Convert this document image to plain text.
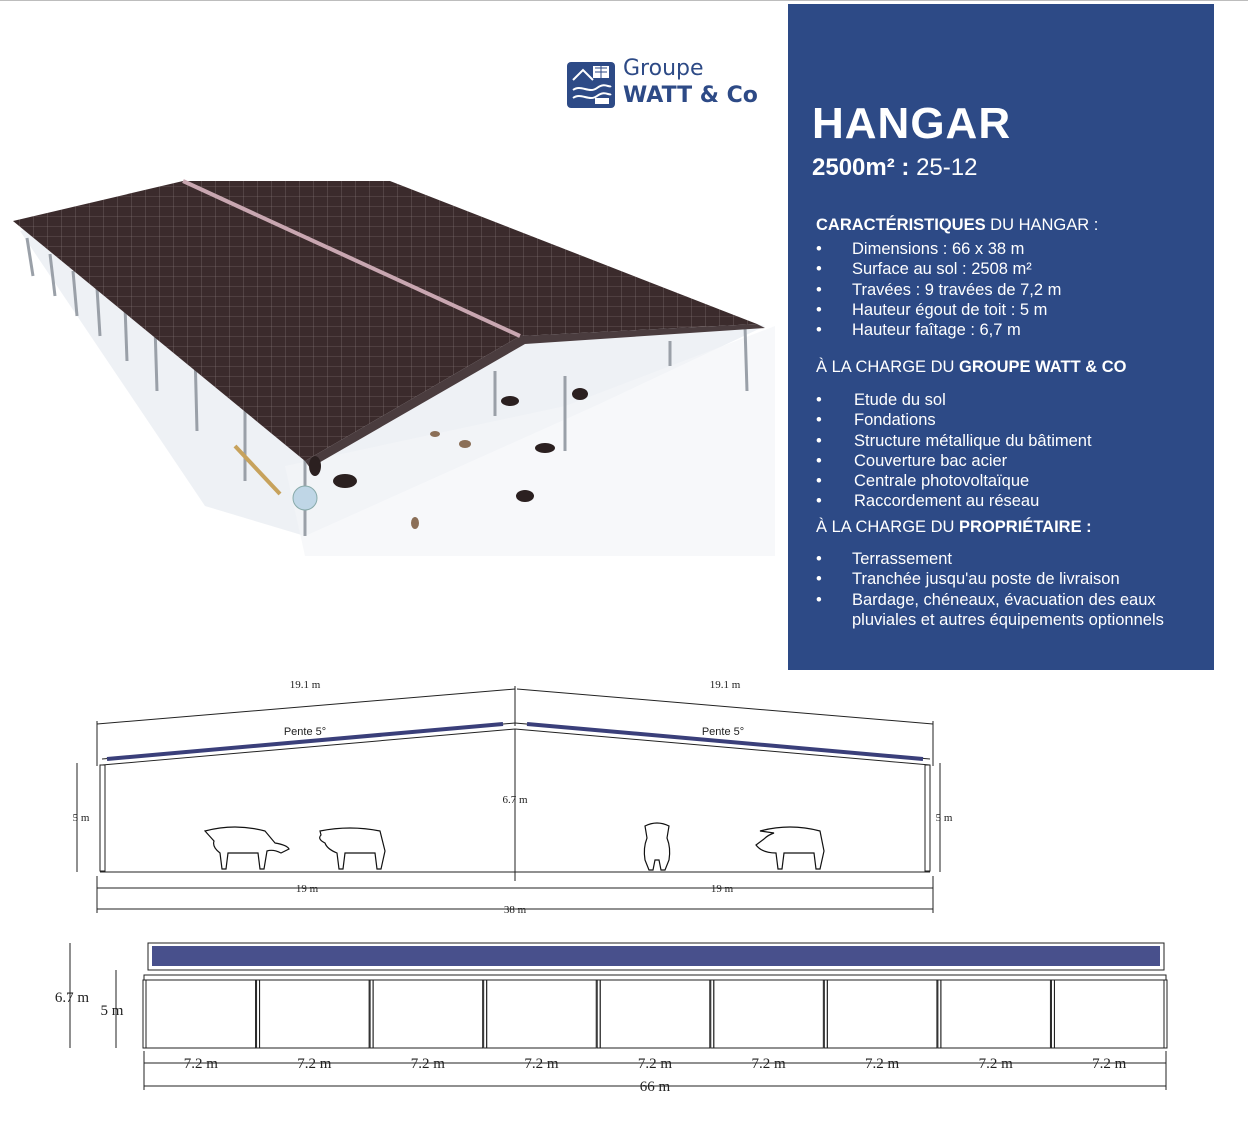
Groupe
WATT & Co
HANGAR
2500m² : 25-12
CARACTÉRISTIQUES DU HANGAR :
•	Dimensions : 66 x 38 m
•	Surface au sol : 2508 m²
•	Travées : 9 travées de 7,2 m
•	Hauteur égout de toit : 5 m
•	Hauteur faîtage : 6,7 m
À LA CHARGE DU GROUPE WATT & CO
•	Etude du sol
•	Fondations
•	Structure métallique du bâtiment
•	Couverture bac acier
•	Centrale photovoltaïque
•	Raccordement au réseau
À LA CHARGE DU PROPRIÉTAIRE :
•	Terrassement
•	Tranchée jusqu'au poste de livraison
•	Bardage, chéneaux, évacuation des eaux pluviales et autres équipements optionnels
19.1 m	19.1 m
Pente 5°	Pente 5°
6.7 m
5 m	5 m
19 m	19 m
38 m
6.7 m
5 m
66 m
7.2 m	7.2 m	7.2 m	7.2 m	7.2 m	7.2 m	7.2 m	7.2 m	7.2 m
